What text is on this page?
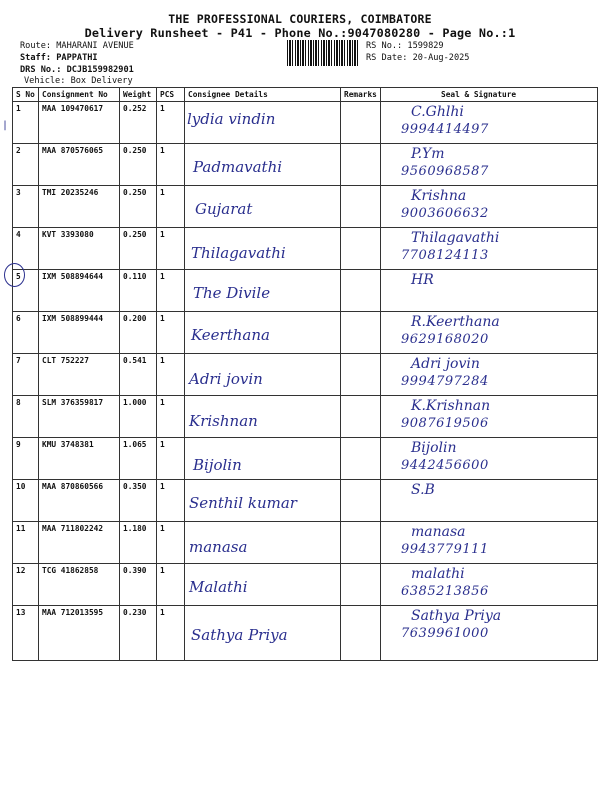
THE PROFESSIONAL COURIERS, COIMBATORE
Delivery Runsheet - P41 - Phone No.:9047080280 - Page No.:1
Route: MAHARANI AVENUE
Staff: PAPPATHI
DRS No.: DCJB159982901
Vehicle: Box Delivery
RS No.: 1599829
RS Date: 20-Aug-2025
S No	Consignment No	Weight	PCS	Consignee Details	Remarks	Seal & Signature
1	MAA 109470617	0.252	1	lydia vindin		C.Ghlhi
9994414497

2	MAA 870576065	0.250	1	Padmavathi		P.Ym
9560968587

3	TMI 20235246	0.250	1	Gujarat		Krishna
9003606632

4	KVT 3393080	0.250	1	Thilagavathi		Thilagavathi
7708124113

5	IXM 508894644	0.110	1	The Divile		HR

6	IXM 508899444	0.200	1	Keerthana		R.Keerthana
9629168020

7	CLT 752227	0.541	1	Adri jovin		Adri jovin
9994797284

8	SLM 376359817	1.000	1	Krishnan		K.Krishnan
9087619506

9	KMU 3748381	1.065	1	Bijolin		Bijolin
9442456600

10	MAA 870860566	0.350	1	Senthil kumar		S.B

11	MAA 711802242	1.180	1	manasa		manasa
9943779111

12	TCG 41862858	0.390	1	Malathi		malathi
6385213856

13	MAA 712013595	0.230	1	Sathya Priya		Sathya Priya
7639961000
|
